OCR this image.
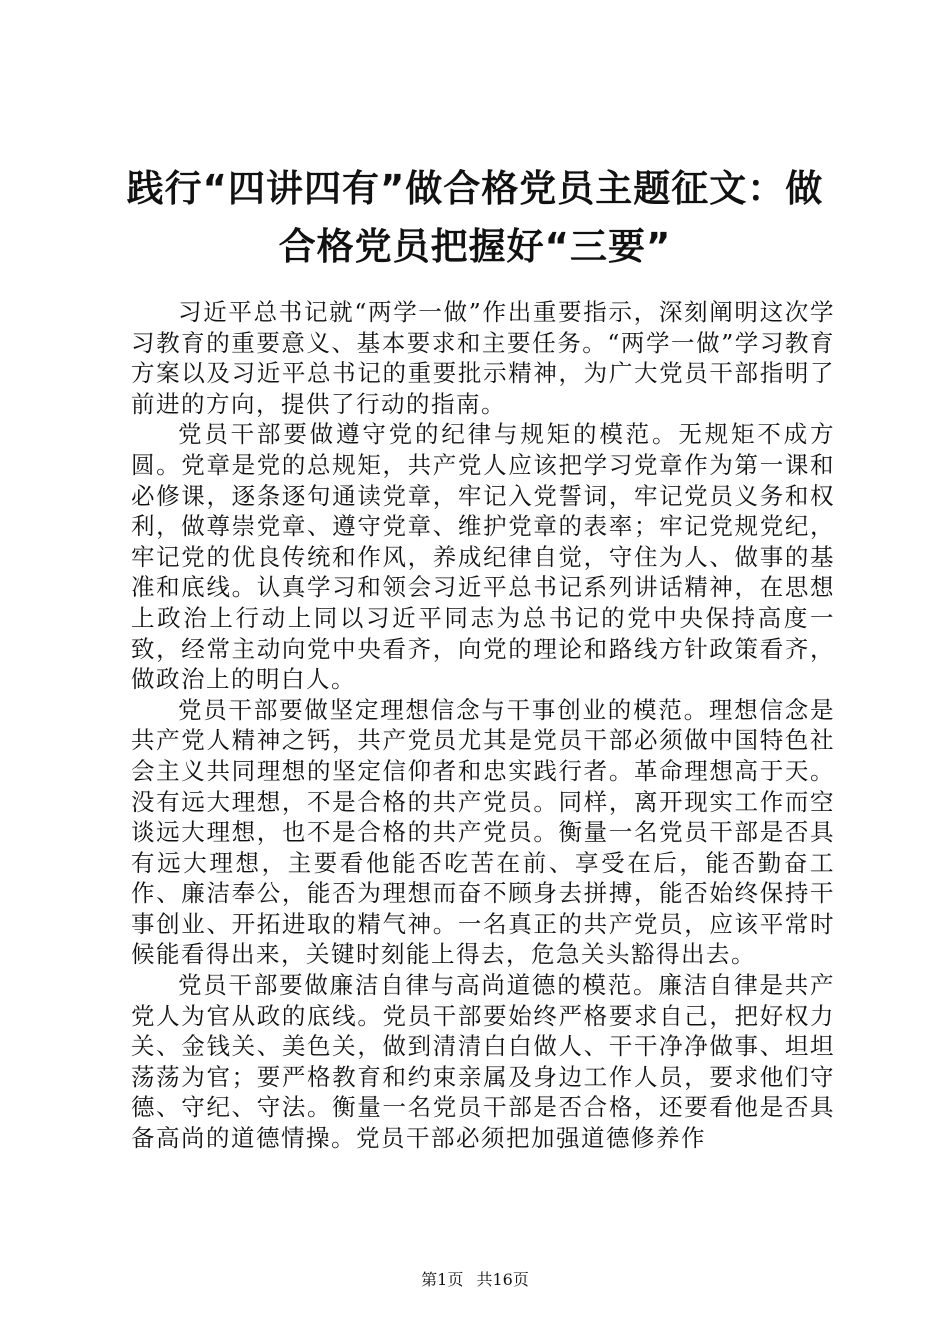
践行“四讲四有”做合格党员主题征文：做合格党员把握好“三要”

习近平总书记就“两学一做”作出重要指示，深刻阐明这次学习教育的重要意义、基本要求和主要任务。“两学一做”学习教育方案以及习近平总书记的重要批示精神，为广大党员干部指明了前进的方向，提供了行动的指南。

党员干部要做遵守党的纪律与规矩的模范。无规矩不成方圆。党章是党的总规矩，共产党人应该把学习党章作为第一课和必修课，逐条逐句通读党章，牢记入党誓词，牢记党员义务和权利，做尊崇党章、遵守党章、维护党章的表率；牢记党规党纪，牢记党的优良传统和作风，养成纪律自觉，守住为人、做事的基准和底线。认真学习和领会习近平总书记系列讲话精神，在思想上政治上行动上同以习近平同志为总书记的党中央保持高度一致，经常主动向党中央看齐，向党的理论和路线方针政策看齐，做政治上的明白人。

党员干部要做坚定理想信念与干事创业的模范。理想信念是共产党人精神之钙，共产党员尤其是党员干部必须做中国特色社会主义共同理想的坚定信仰者和忠实践行者。革命理想高于天。没有远大理想，不是合格的共产党员。同样，离开现实工作而空谈远大理想，也不是合格的共产党员。衡量一名党员干部是否具有远大理想，主要看他能否吃苦在前、享受在后，能否勤奋工作、廉洁奉公，能否为理想而奋不顾身去拼搏，能否始终保持干事创业、开拓进取的精气神。一名真正的共产党员，应该平常时候能看得出来，关键时刻能上得去，危急关头豁得出去。

党员干部要做廉洁自律与高尚道德的模范。廉洁自律是共产党人为官从政的底线。党员干部要始终严格要求自己，把好权力关、金钱关、美色关，做到清清白白做人、干干净净做事、坦坦荡荡为官；要严格教育和约束亲属及身边工作人员，要求他们守德、守纪、守法。衡量一名党员干部是否合格，还要看他是否具备高尚的道德情操。党员干部必须把加强道德修养作

第1页 共16页
